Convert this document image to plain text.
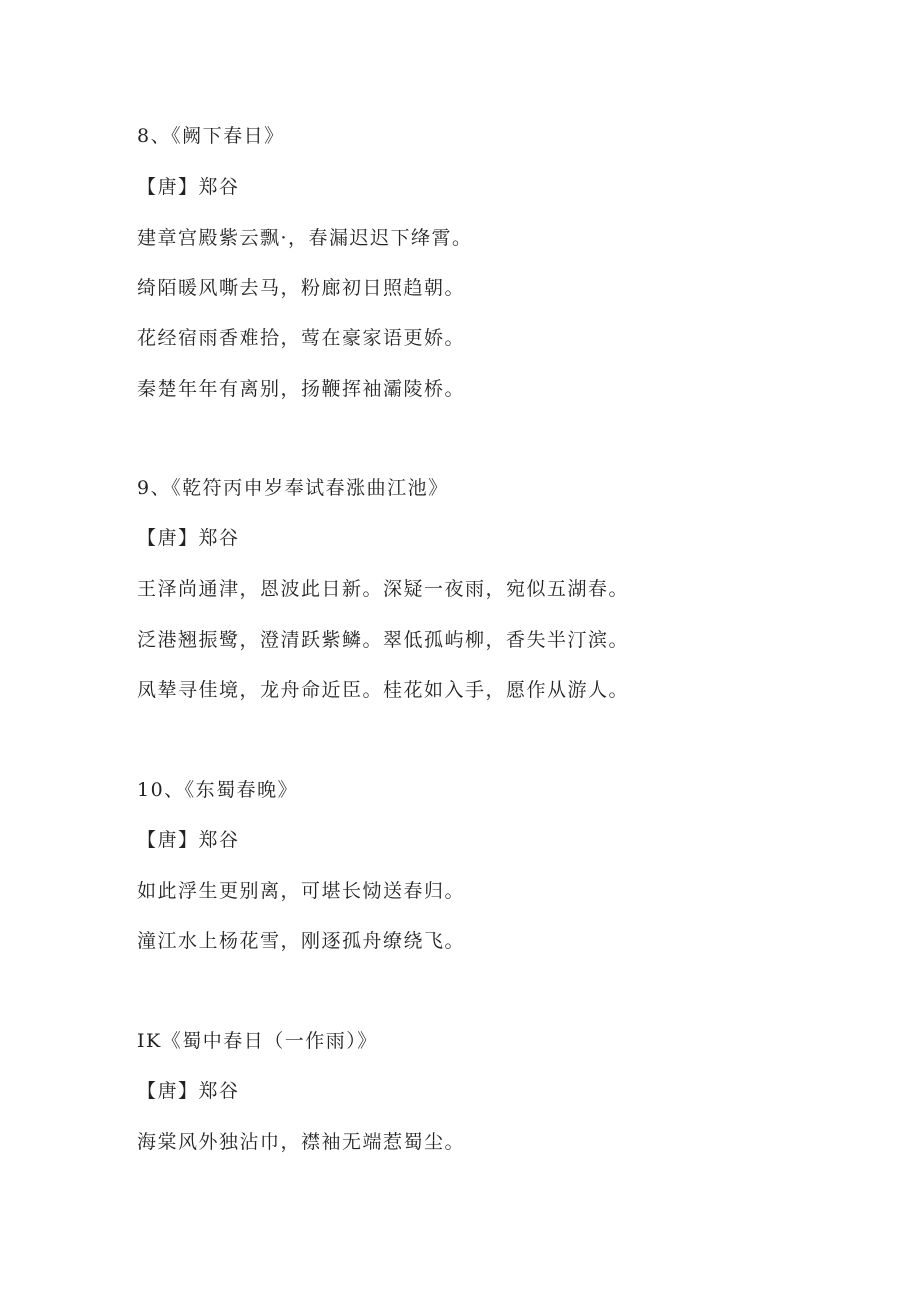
8、《阙下春日》
【唐】郑谷
建章宫殿紫云飘·，春漏迟迟下绛霄。
绮陌暖风嘶去马，粉廊初日照趋朝。
花经宿雨香难拾，莺在豪家语更娇。
秦楚年年有离别，扬鞭挥袖灞陵桥。
9、《乾符丙申岁奉试春涨曲江池》
【唐】郑谷
王泽尚通津，恩波此日新。深疑一夜雨，宛似五湖春。
泛港翘振鹭，澄清跃紫鳞。翠低孤屿柳，香失半汀滨。
凤辇寻佳境，龙舟命近臣。桂花如入手，愿作从游人。
10、《东蜀春晚》
【唐】郑谷
如此浮生更别离，可堪长恸送春归。
潼江水上杨花雪，刚逐孤舟缭绕飞。
IK《蜀中春日（一作雨）》
【唐】郑谷
海棠风外独沾巾，襟袖无端惹蜀尘。
